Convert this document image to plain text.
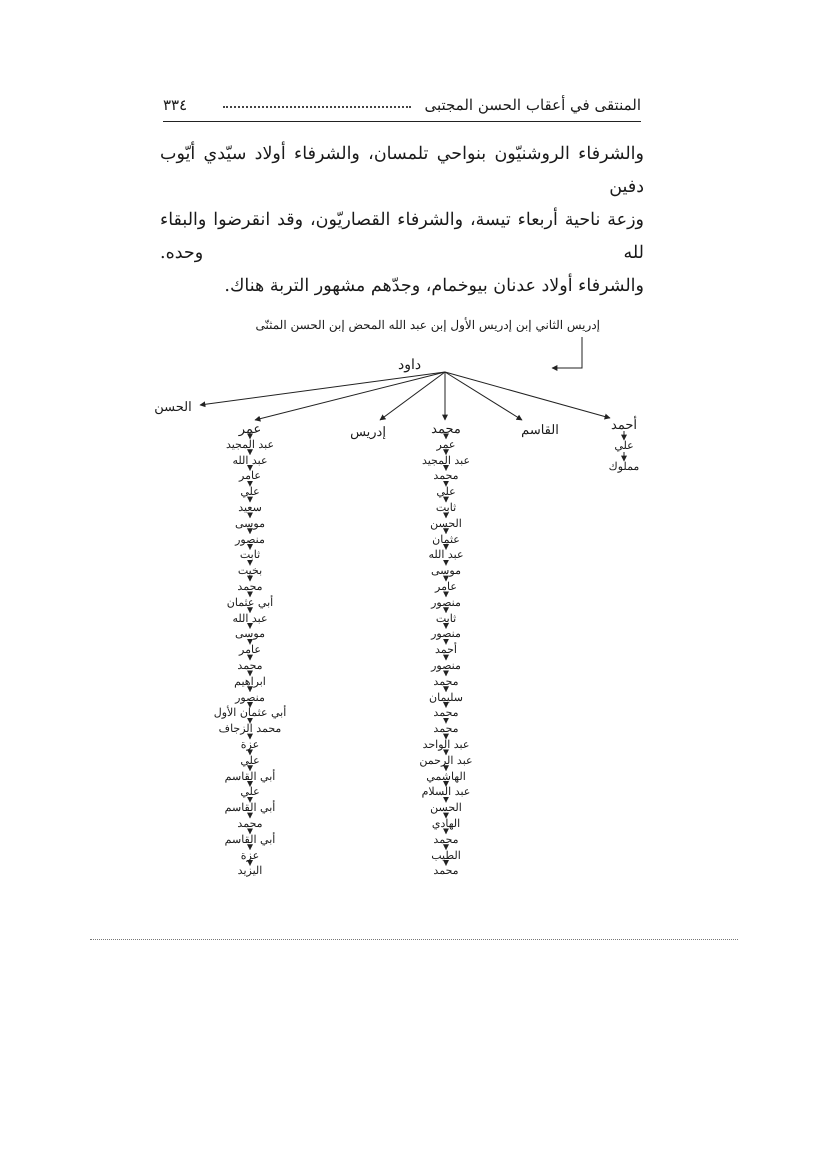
٣٣٤	المنتقى في أعقاب الحسن المجتبى
والشرفاء الروشنيّون بنواحي تلمسان، والشرفاء أولاد سيّدي أيّوب دفين
وزعة ناحية أربعاء تيسة، والشرفاء القصاريّون، وقد انقرضوا والبقاء لله وحده.
والشرفاء أولاد عدنان بيوخمام، وجدّهم مشهور التربة هناك.
إدريس الثاني إبن إدريس الأول إبن عبد الله المحض إبن الحسن المثنّى
داود
الحسن
إدريس	القاسم
عمر
عبد المجيد
عبد الله
عامر
علي
سعيد
موسى
منصور
ثابت
بخيت
محمد
أبي عثمان
عبد الله
موسى
عامر
محمد
ابراهيم
منصور
أبي عثمان الأول
محمد الزجاف
عزة
علي
أبي القاسم
علي
أبي القاسم
محمد
أبي القاسم
عزة
اليزيد
محمد
عمر
عبد المجيد
محمد
علي
ثابت
الحسن
عثمان
عبد الله
موسى
عامر
منصور
ثابت
منصور
أحمد
منصور
محمد
سليمان
محمد
محمد
عبد الواحد
عبد الرحمن
الهاشمي
عبد السلام
الحسن
الهادي
محمد
الطيب
محمد
أحمد
علي
مملوك
